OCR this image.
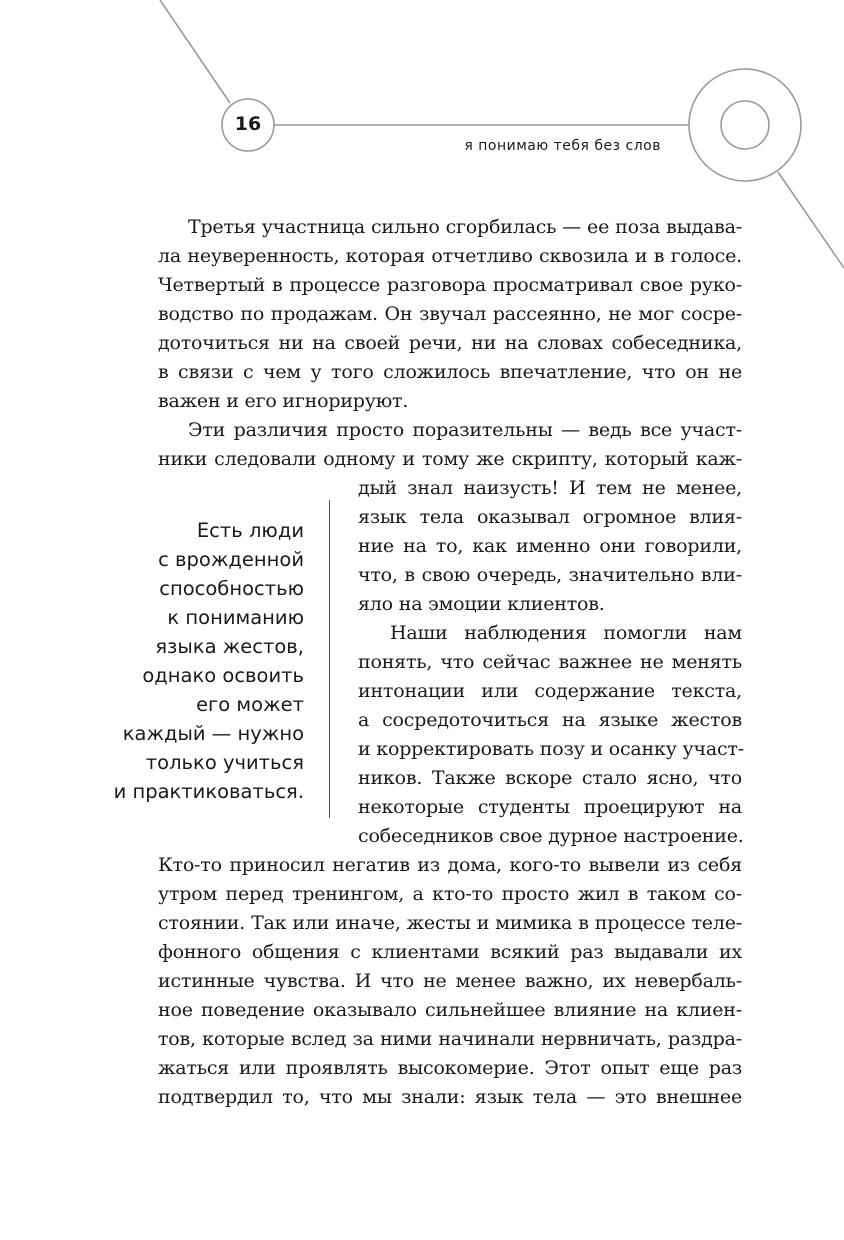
16
я понимаю тебя без слов
Третья участница сильно сгорбилась — ее поза выдава-
ла неуверенность, которая отчетливо сквозила и в голосе.
Четвертый в процессе разговора просматривал свое руко-
водство по продажам. Он звучал рассеянно, не мог сосре-
доточиться ни на своей речи, ни на словах собеседника,
в связи с чем у того сложилось впечатление, что он не
важен и его игнорируют.
Эти различия просто поразительны — ведь все участ-
ники следовали одному и тому же скрипту, который каж-
дый знал наизусть! И тем не менее,
язык тела оказывал огромное влия-
ние на то, как именно они говорили,
что, в свою очередь, значительно вли-
яло на эмоции клиентов.
Наши наблюдения помогли нам
понять, что сейчас важнее не менять
интонации или содержание текста,
а сосредоточиться на языке жестов
и корректировать позу и осанку участ-
ников. Также вскоре стало ясно, что
некоторые студенты проецируют на
собеседников свое дурное настроение.
Кто-то приносил негатив из дома, кого-то вывели из себя
утром перед тренингом, а кто-то просто жил в таком со-
стоянии. Так или иначе, жесты и мимика в процессе теле-
фонного общения с клиентами всякий раз выдавали их
истинные чувства. И что не менее важно, их невербаль-
ное поведение оказывало сильнейшее влияние на клиен-
тов, которые вслед за ними начинали нервничать, раздра-
жаться или проявлять высокомерие. Этот опыт еще раз
подтвердил то, что мы знали: язык тела — это внешнее
Есть люди
с врожденной
способностью
к пониманию
языка жестов,
однако освоить
его может
каждый — нужно
только учиться
и практиковаться.
